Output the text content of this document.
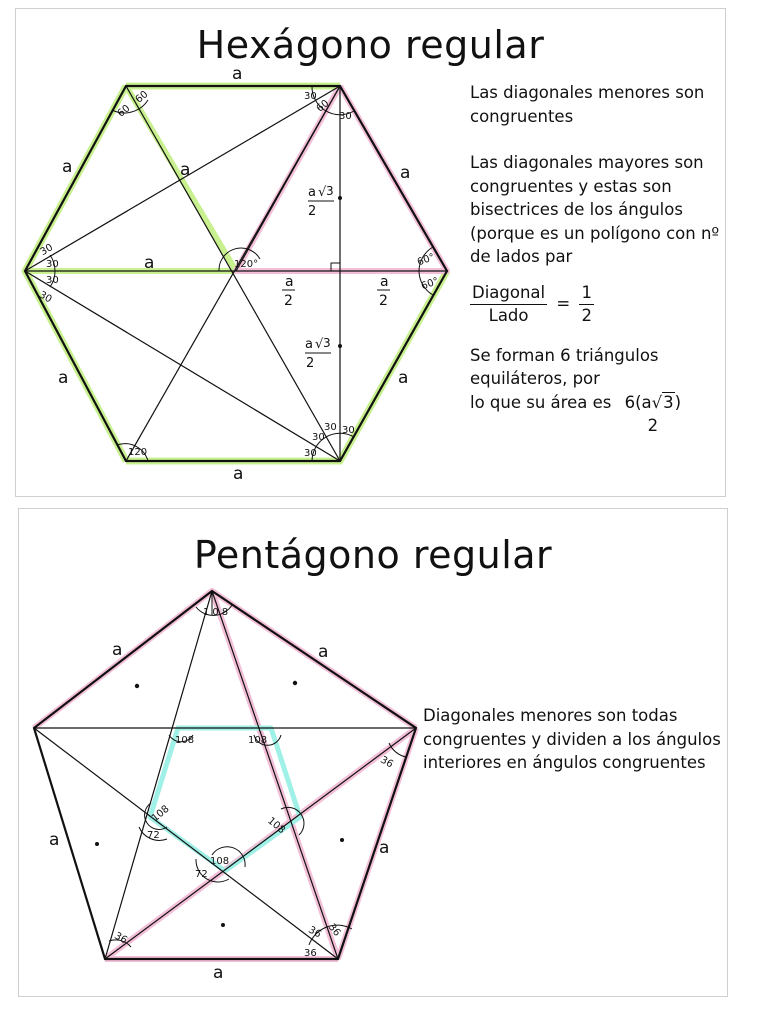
Hexágono regular
a
a	a	a
a
a	a
a
a √ 3
2
a √ 3
2
a
2
a
2
60
60	30
60
30
30
30
30
30
120°	60°
60°
30
30
30
30
120

Las diagonales menores son congruentes

Las diagonales mayores son congruentes y estas son bisectrices de los ángulos (porque es un polígono con nº de lados par

$\frac{\text{Diagonal}}{\text{Lado}} = \frac{1}{2}$

Se forman 6 triángulos equiláteros, por
lo que su área es 6(a√3)
2

Pentágono regular
a	a
a	a
a
108
108	108
108
72	108
108
72
36
36	36 36
36

Diagonales menores son todas congruentes y dividen a los ángulos interiores en ángulos congruentes
